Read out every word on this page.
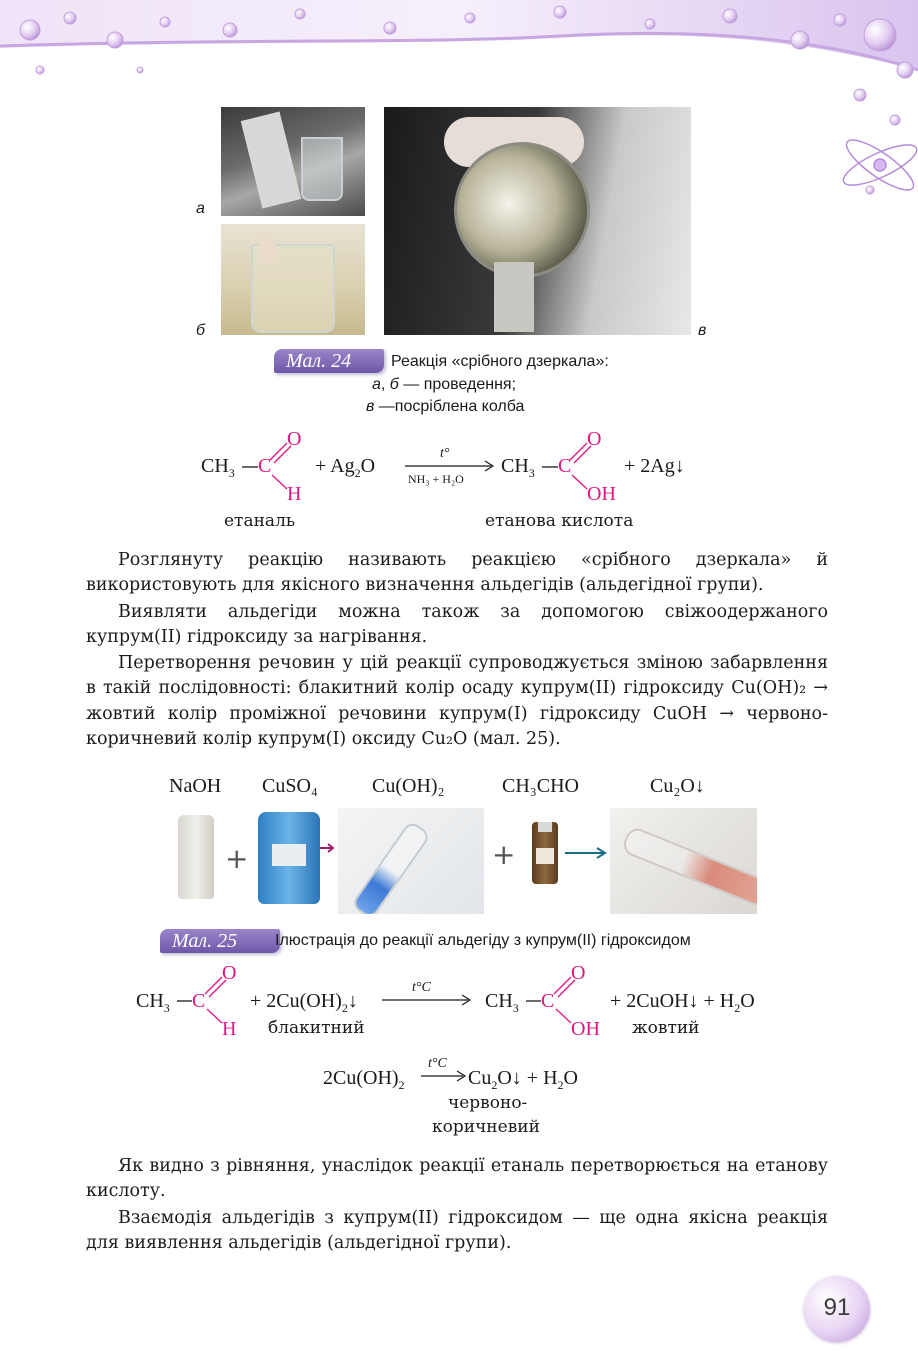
а
б	в
Мал. 24	Реакція «срібного дзеркала»:
а, б — проведення;
в —посріблена колба
$CH_3$ C
O
H
+ $Ag_2O$
t°
NH₃ + H₂O
$CH_3$ C
O
OH
+ 2Ag↓
етаналь	етанова кислота

Розглянуту реакцію називають реакцією «срібного дзеркала» й використовують для якісного визначення альдегідів (альдегідної групи).

Виявляти альдегіди можна також за допомогою свіжоодержаного купрум(ІІ) гідроксиду за нагрівання.

Перетворення речовин у цій реакції супроводжується зміною забарвлення в такій послідовності: блакитний колір осаду купрум(ІІ) гідроксиду Cu(OH)₂ → жовтий колір проміжної речовини купрум(І) гідроксиду CuOH → червоно-коричневий колір купрум(І) оксиду Cu₂O (мал. 25).

NaOH CuSO₄	Cu(OH)₂	CH₃CHO	Cu₂O↓
+	+
Мал. 25	Ілюстрація до реакції альдегіду з купрум(ІІ) гідроксидом
$CH_3$ C
O
H
+ $2Cu(OH)_2↓$
блакитний
t°C
$CH_3$ C
O
OH
+ 2CuOH↓ + $H_2O$
жовтий
$2Cu(OH)_2$
t°C
$Cu_2O↓ + H_2O$
червоно-
коричневий

Як видно з рівняння, унаслідок реакції етаналь перетворюється на етанову кислоту.

Взаємодія альдегідів з купрум(ІІ) гідроксидом — ще одна якісна реакція для виявлення альдегідів (альдегідної групи).

91
